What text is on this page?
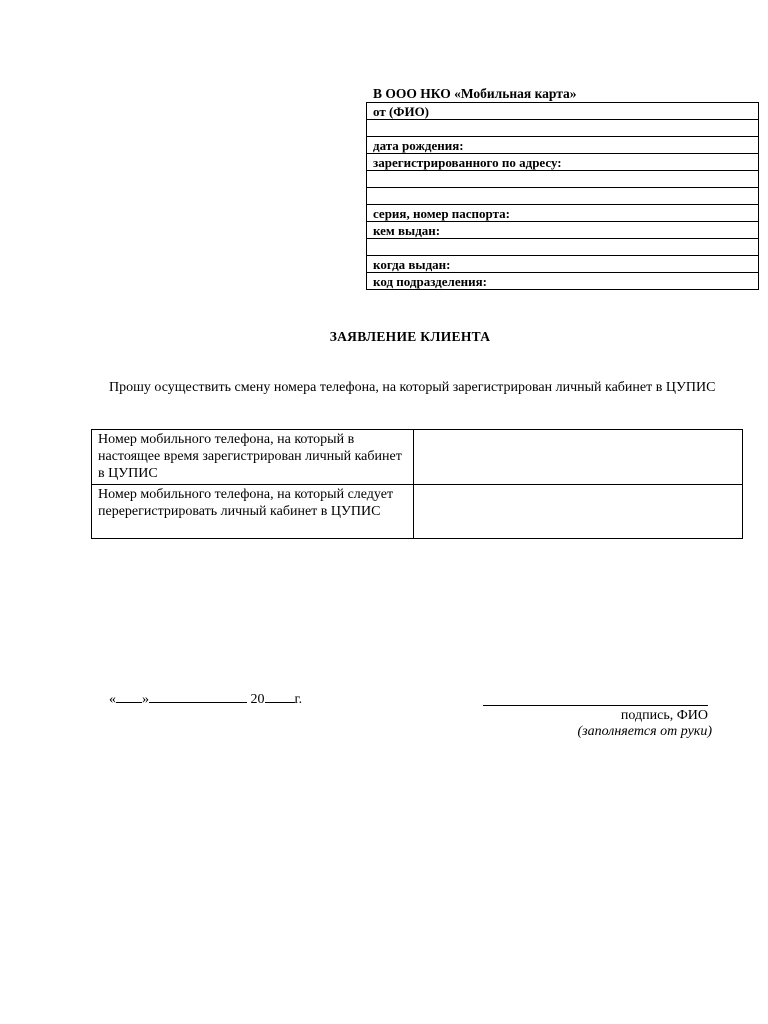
В ООО НКО «Мобильная карта»
от (ФИО)

дата рождения:
зарегистрированного по адресу:

серия, номер паспорта:
кем выдан:

когда выдан:
код подразделения:
ЗАЯВЛЕНИЕ КЛИЕНТА
Прошу осуществить смену номера телефона, на который зарегистрирован личный кабинет в ЦУПИС
Номер мобильного телефона, на который в настоящее время зарегистрирован личный кабинет в ЦУПИС	
Номер мобильного телефона, на который следует перерегистрировать личный кабинет в ЦУПИС	
« »	20 г.
подпись, ФИО
(заполняется от руки)
